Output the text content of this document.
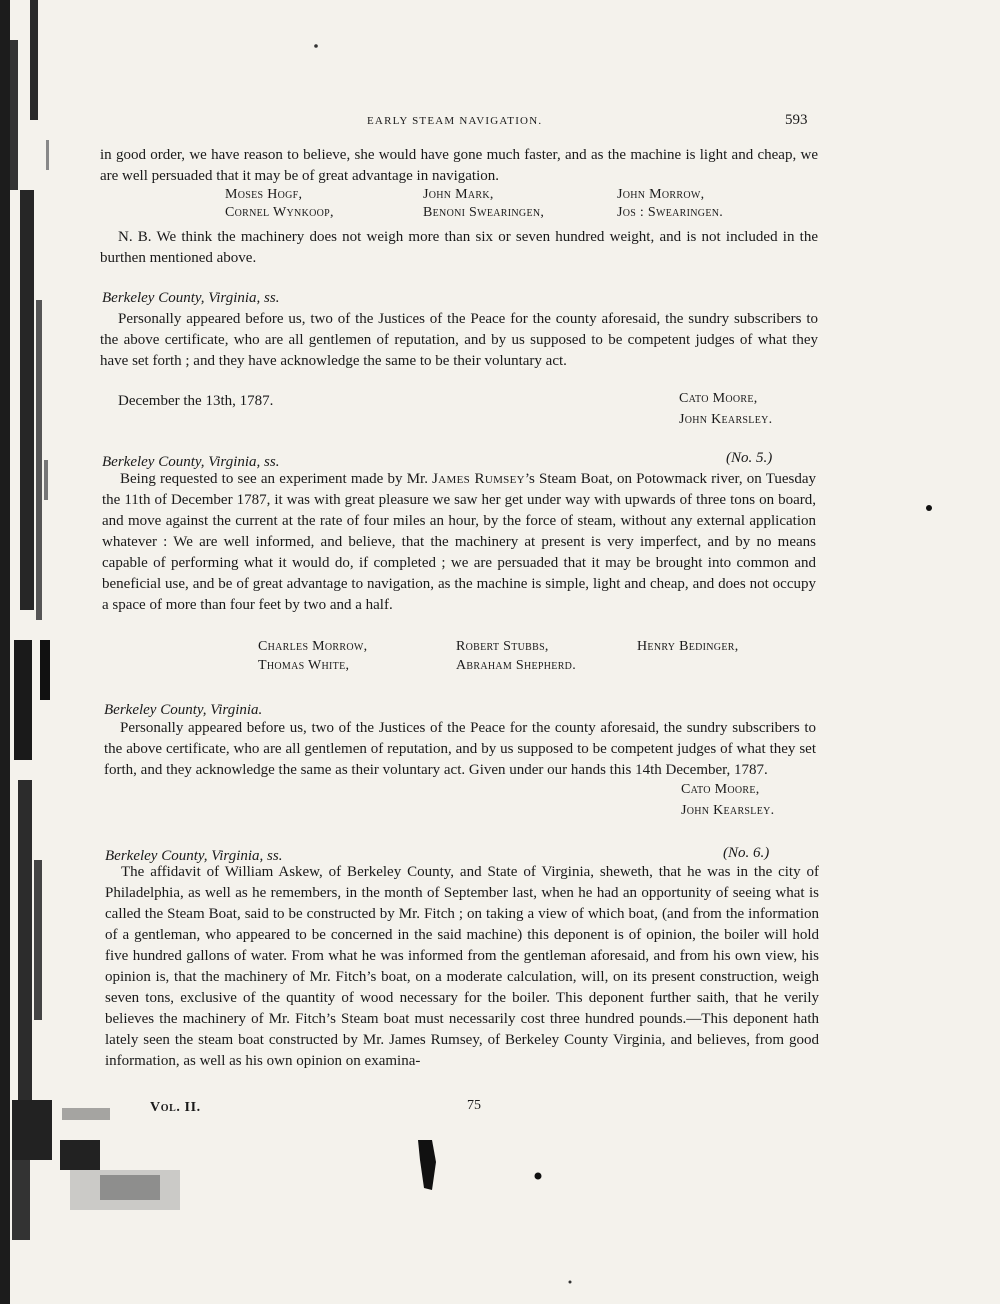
EARLY STEAM NAVIGATION.	593

in good order, we have reason to believe, she would have gone much faster, and as the machine is light and cheap, we are well persuaded that it may be of great advantage in navigation.

Moses Hogf,	John Mark,	John Morrow,
Cornel Wynkoop,	Benoni Swearingen,	Jos : Swearingen.

N. B. We think the machinery does not weigh more than six or seven hundred weight, and is not included in the burthen mentioned above.

Berkeley County, Virginia, ss.

Personally appeared before us, two of the Justices of the Peace for the county aforesaid, the sundry subscribers to the above certificate, who are all gentlemen of reputation, and by us supposed to be competent judges of what they have set forth ; and they have acknowledge the same to be their voluntary act.

December the 13th, 1787.	Cato Moore,
John Kearsley.
Berkeley County, Virginia, ss.	(No. 5.)

Being requested to see an experiment made by Mr. James Rumsey’s Steam Boat, on Potowmack river, on Tuesday the 11th of December 1787, it was with great pleasure we saw her get under way with upwards of three tons on board, and move against the current at the rate of four miles an hour, by the force of steam, without any external application whatever : We are well informed, and believe, that the machinery at present is very imperfect, and by no means capable of performing what it would do, if completed ; we are persuaded that it may be brought into common and beneficial use, and be of great advantage to navigation, as the machine is simple, light and cheap, and does not occupy a space of more than four feet by two and a half.

Charles Morrow,	Robert Stubbs,	Henry Bedinger,
Thomas White,	Abraham Shepherd.
Berkeley County, Virginia.

Personally appeared before us, two of the Justices of the Peace for the county aforesaid, the sundry subscribers to the above certificate, who are all gentlemen of reputation, and by us supposed to be competent judges of what they set forth, and they acknowledge the same as their voluntary act. Given under our hands this 14th December, 1787.

Cato Moore,
John Kearsley.
Berkeley County, Virginia, ss.	(No. 6.)

The affidavit of William Askew, of Berkeley County, and State of Virginia, sheweth, that he was in the city of Philadelphia, as well as he remembers, in the month of September last, when he had an opportunity of seeing what is called the Steam Boat, said to be constructed by Mr. Fitch ; on taking a view of which boat, (and from the information of a gentleman, who appeared to be concerned in the said machine) this deponent is of opinion, the boiler will hold five hundred gallons of water. From what he was informed from the gentleman aforesaid, and from his own view, his opinion is, that the machinery of Mr. Fitch’s boat, on a moderate calculation, will, on its present construction, weigh seven tons, exclusive of the quantity of wood necessary for the boiler. This deponent further saith, that he verily believes the machinery of Mr. Fitch’s Steam boat must necessarily cost three hundred pounds.—This deponent hath lately seen the steam boat constructed by Mr. James Rumsey, of Berkeley County Virginia, and believes, from good information, as well as his own opinion on examina-

Vol. II.	75
